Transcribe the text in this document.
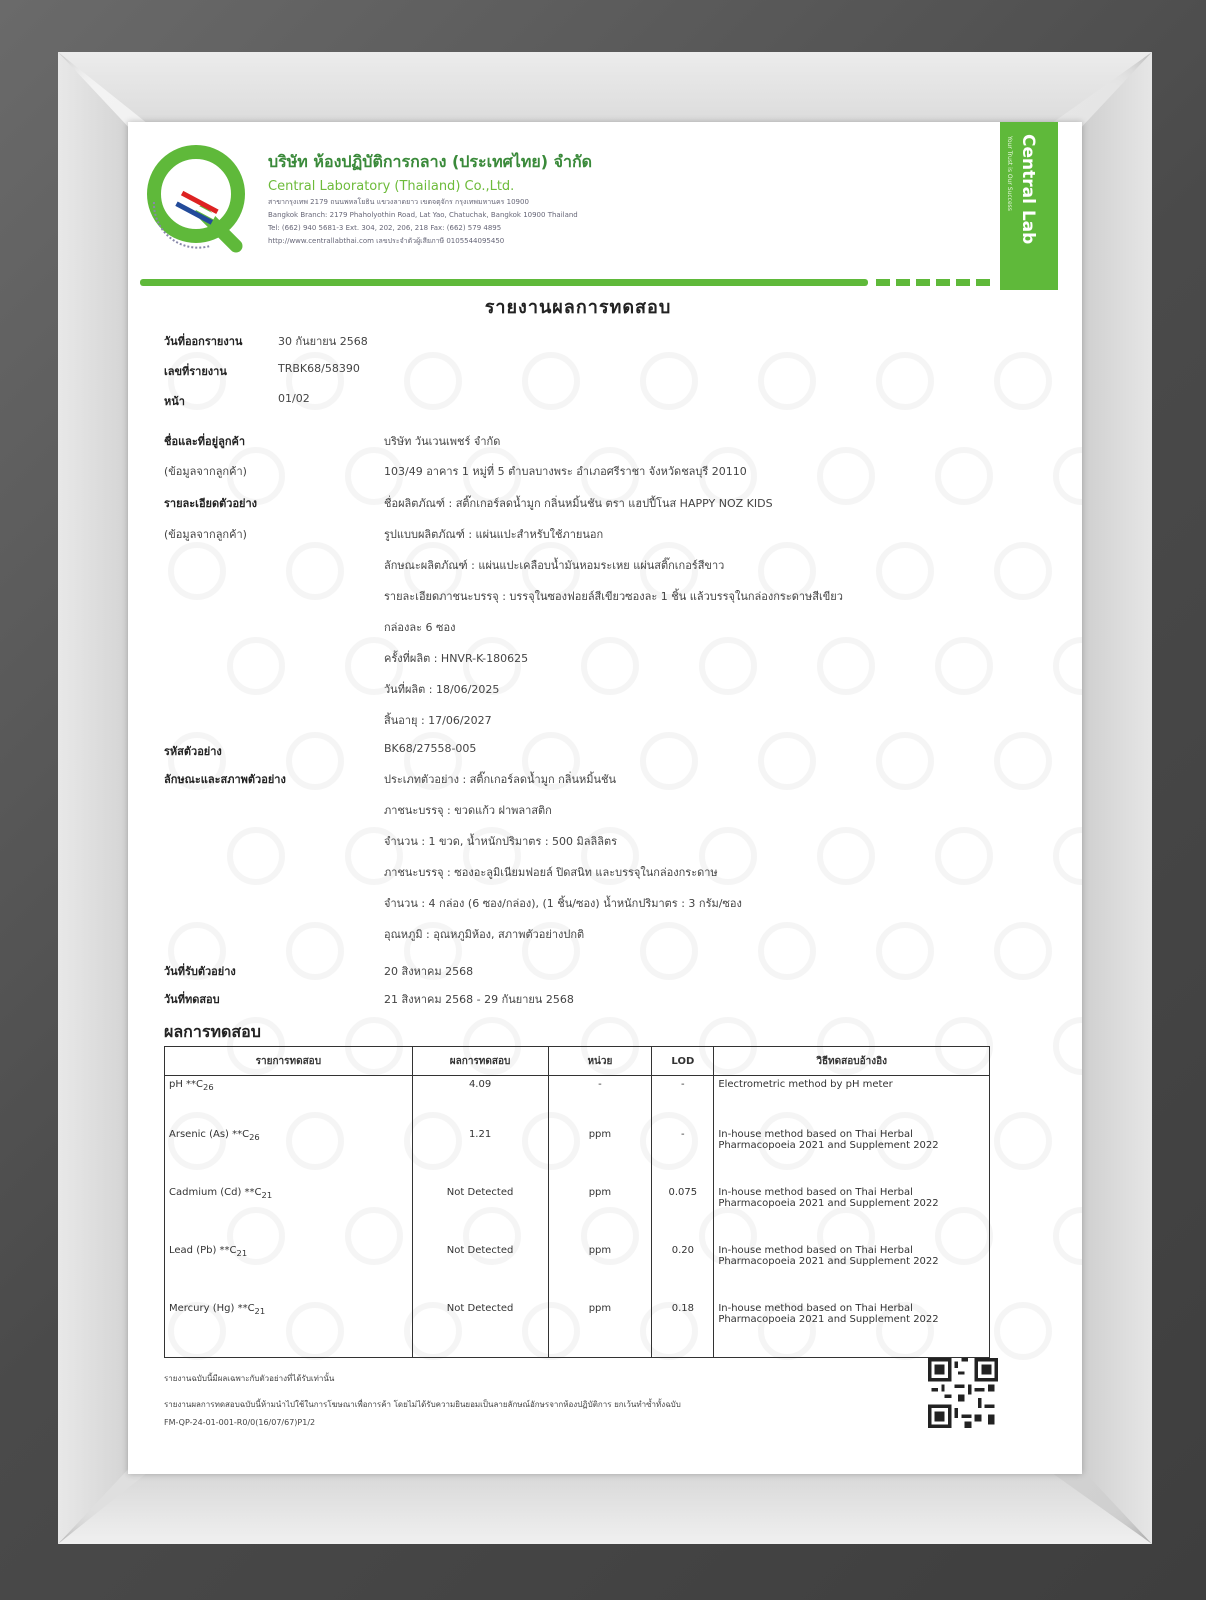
บริษัท ห้องปฏิบัติการกลาง (ประเทศไทย) จำกัด
Central Laboratory (Thailand) Co.,Ltd.
สาขากรุงเทพ 2179 ถนนพหลโยธิน แขวงลาดยาว เขตจตุจักร กรุงเทพมหานคร 10900
Bangkok Branch: 2179 Phaholyothin Road, Lat Yao, Chatuchak, Bangkok 10900 Thailand
Tel: (662) 940 5681-3 Ext. 304, 202, 206, 218 Fax: (662) 579 4895
http://www.centrallabthai.com เลขประจำตัวผู้เสียภาษี 0105544095450	Central Lab
Your Trust is Our Success
รายงานผลการทดสอบ
วันที่ออกรายงาน	30 กันยายน 2568
เลขที่รายงาน	TRBK68/58390
หน้า	01/02
ชื่อและที่อยู่ลูกค้า	บริษัท วันเวนเพชร์ จำกัด
(ข้อมูลจากลูกค้า)	103/49 อาคาร 1 หมู่ที่ 5 ตำบลบางพระ อำเภอศรีราชา จังหวัดชลบุรี 20110
รายละเอียดตัวอย่าง
(ข้อมูลจากลูกค้า)
ชื่อผลิตภัณฑ์ : สติ๊กเกอร์ลดน้ำมูก กลิ่นหมิ้นชัน ตรา แฮปปี้โนส HAPPY NOZ KIDS
รูปแบบผลิตภัณฑ์ : แผ่นแปะสำหรับใช้ภายนอก
ลักษณะผลิตภัณฑ์ : แผ่นแปะเคลือบน้ำมันหอมระเหย แผ่นสติ๊กเกอร์สีขาว
รายละเอียดภาชนะบรรจุ : บรรจุในซองฟอยล์สีเขียวซองละ 1 ชิ้น แล้วบรรจุในกล่องกระดาษสีเขียว
กล่องละ 6 ซอง
ครั้งที่ผลิต : HNVR-K-180625
วันที่ผลิต : 18/06/2025
สิ้นอายุ : 17/06/2027
รหัสตัวอย่าง	BK68/27558-005
ลักษณะและสภาพตัวอย่าง	ประเภทตัวอย่าง : สติ๊กเกอร์ลดน้ำมูก กลิ่นหมิ้นชัน
ภาชนะบรรจุ : ขวดแก้ว ฝาพลาสติก
จำนวน : 1 ขวด, น้ำหนักปริมาตร : 500 มิลลิลิตร
ภาชนะบรรจุ : ซองอะลูมิเนียมฟอยล์ ปิดสนิท และบรรจุในกล่องกระดาษ
จำนวน : 4 กล่อง (6 ซอง/กล่อง), (1 ชิ้น/ซอง) น้ำหนักปริมาตร : 3 กรัม/ซอง
อุณหภูมิ : อุณหภูมิห้อง, สภาพตัวอย่างปกติ
วันที่รับตัวอย่าง	20 สิงหาคม 2568
วันที่ทดสอบ	21 สิงหาคม 2568 - 29 กันยายน 2568
ผลการทดสอบ
รายการทดสอบ	ผลการทดสอบ	หน่วย	LOD	วิธีทดสอบอ้างอิง
pH $**C_{26}$	4.09	-	-	Electrometric method by pH meter
Arsenic (As) $**C_{26}$	1.21	ppm	-	In-house method based on Thai Herbal Pharmacopoeia 2021 and Supplement 2022
Cadmium (Cd) $**C_{21}$	Not Detected	ppm	0.075	In-house method based on Thai Herbal Pharmacopoeia 2021 and Supplement 2022
Lead (Pb) $**C_{21}$	Not Detected	ppm	0.20	In-house method based on Thai Herbal Pharmacopoeia 2021 and Supplement 2022
Mercury (Hg) $**C_{21}$	Not Detected	ppm	0.18	In-house method based on Thai Herbal Pharmacopoeia 2021 and Supplement 2022
รายงานฉบับนี้มีผลเฉพาะกับตัวอย่างที่ได้รับเท่านั้น
รายงานผลการทดสอบฉบับนี้ห้ามนำไปใช้ในการโฆษณาเพื่อการค้า โดยไม่ได้รับความยินยอมเป็นลายลักษณ์อักษรจากห้องปฏิบัติการ ยกเว้นทำซ้ำทั้งฉบับ
FM-QP-24-01-001-R0/0(16/07/67)P1/2
